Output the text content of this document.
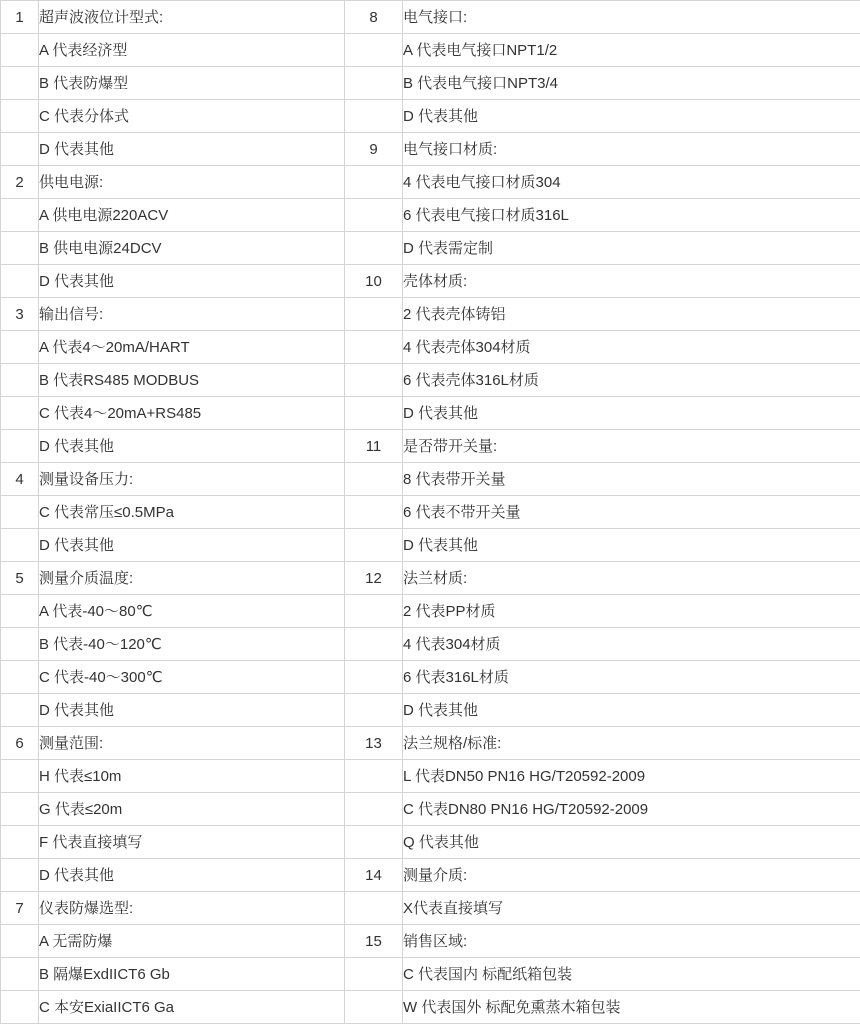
1	超声波液位计型式:	8	电气接口:
	A 代表经济型		A 代表电气接口NPT1/2
	B 代表防爆型		B 代表电气接口NPT3/4
	C 代表分体式		D 代表其他
	D 代表其他	9	电气接口材质:
2	供电电源:		4 代表电气接口材质304
	A 供电电源220ACV		6 代表电气接口材质316L
	B 供电电源24DCV		D 代表需定制
	D 代表其他	10	壳体材质:
3	输出信号:		2 代表壳体铸铝
	A 代表4～20mA/HART		4 代表壳体304材质
	B 代表RS485 MODBUS		6 代表壳体316L材质
	C 代表4～20mA+RS485		D 代表其他
	D 代表其他	11	是否带开关量:
4	测量设备压力:		8 代表带开关量
	C 代表常压≤0.5MPa		6 代表不带开关量
	D 代表其他		D 代表其他
5	测量介质温度:	12	法兰材质:
	A 代表-40～80℃		2 代表PP材质
	B 代表-40～120℃		4 代表304材质
	C 代表-40～300℃		6 代表316L材质
	D 代表其他		D 代表其他
6	测量范围:	13	法兰规格/标准:
	H 代表≤10m		L 代表DN50 PN16 HG/T20592-2009
	G 代表≤20m		C 代表DN80 PN16 HG/T20592-2009
	F 代表直接填写		Q 代表其他
	D 代表其他	14	测量介质:
7	仪表防爆选型:		X代表直接填写
	A 无需防爆	15	销售区域:
	B 隔爆ExdIICT6 Gb		C 代表国内 标配纸箱包装
	C 本安ExiaIICT6 Ga		W 代表国外 标配免熏蒸木箱包装
